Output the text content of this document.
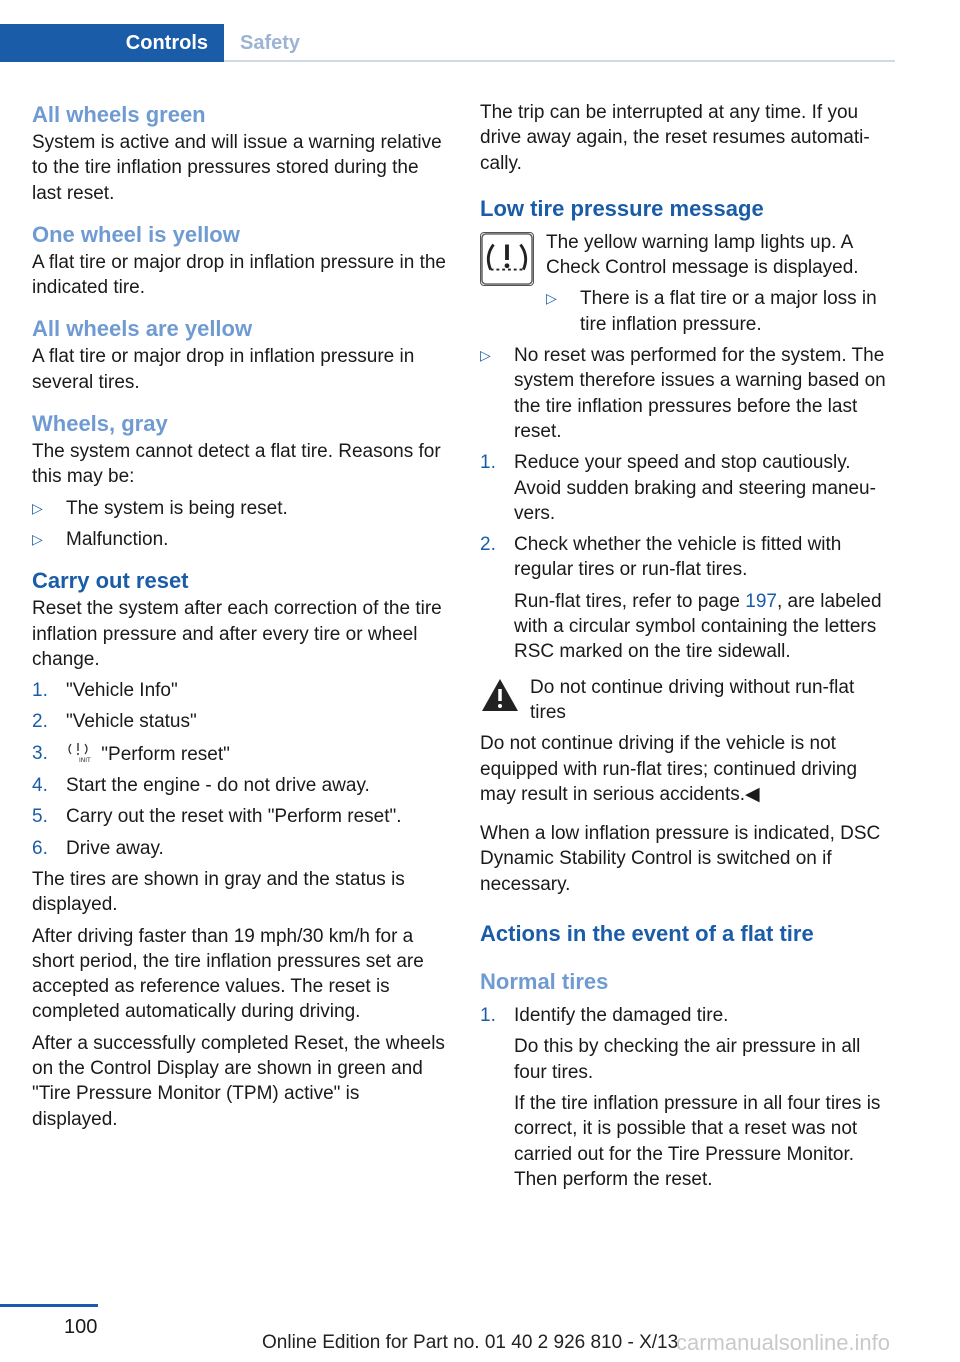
Controls	Safety
All wheels green
System is active and will issue a warning relative to the tire inflation pressures stored during the last reset.
One wheel is yellow
A flat tire or major drop in inflation pressure in the indicated tire.
All wheels are yellow
A flat tire or major drop in inflation pressure in several tires.
Wheels, gray
The system cannot detect a flat tire. Reasons for this may be:
▷ The system is being reset.
▷ Malfunction.
Carry out reset
Reset the system after each correction of the tire inflation pressure and after every tire or wheel change.
1. "Vehicle Info"
2. "Vehicle status"
3.	INIT "Perform reset"
4. Start the engine - do not drive away.
5. Carry out the reset with "Perform reset".
6. Drive away.
The tires are shown in gray and the status is displayed.
After driving faster than 19 mph/30 km/h for a short period, the tire inflation pressures set are accepted as reference values. The reset is completed automatically during driving.
After a successfully completed Reset, the wheels on the Control Display are shown in green and "Tire Pressure Monitor (TPM) active" is displayed.
The trip can be interrupted at any time. If you drive away again, the reset resumes automatically.
Low tire pressure message
The yellow warning lamp lights up. A Check Control message is displayed.
▷ There is a flat tire or a major loss in tire inflation pressure.
▷ No reset was performed for the system. The system therefore issues a warning based on the tire inflation pressures before the last reset.
1. Reduce your speed and stop cautiously. Avoid sudden braking and steering maneuvers.
2. Check whether the vehicle is fitted with regular tires or run-flat tires.
Run-flat tires, refer to page 197, are labeled with a circular symbol containing the letters RSC marked on the tire sidewall.
Do not continue driving without run-flat tires
Do not continue driving if the vehicle is not equipped with run-flat tires; continued driving may result in serious accidents.◀
When a low inflation pressure is indicated, DSC Dynamic Stability Control is switched on if necessary.
Actions in the event of a flat tire
Normal tires
1. Identify the damaged tire.
Do this by checking the air pressure in all four tires.
If the tire inflation pressure in all four tires is correct, it is possible that a reset was not carried out for the Tire Pressure Monitor. Then perform the reset.
100
Online Edition for Part no. 01 40 2 926 810 - X/13
carmanualsonline.info
